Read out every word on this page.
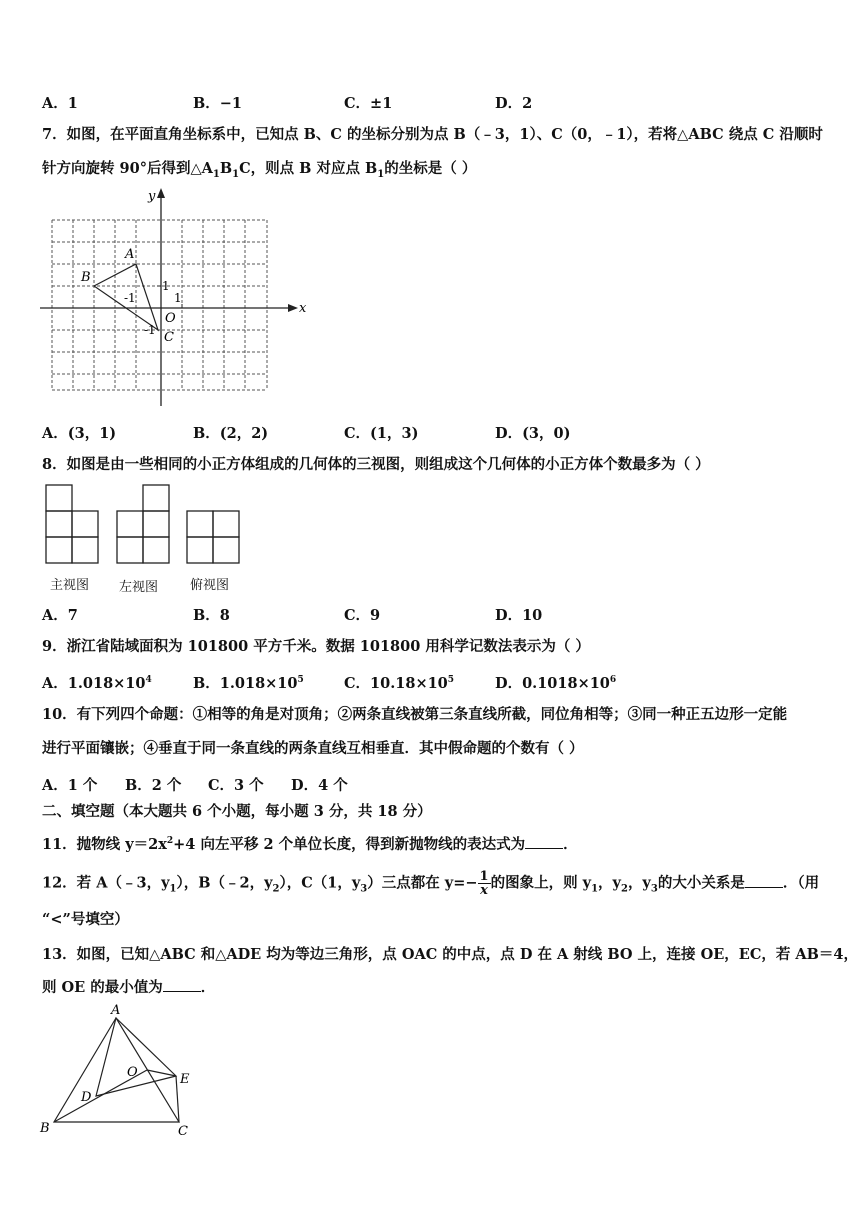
A．1	B．−1	C．±1	D．2
7．如图，在平面直角坐标系中，已知点 B、C 的坐标分别为点 B（﹣3，1）、C（0，﹣1），若将△ABC 绕点 C 沿顺时
针方向旋转 90°后得到$\triangle A_1B_1C$，则点 B 对应点 $B_1$的坐标是（ ）
y
x
A
B
O
C
1
-1	1
-1
A．(3，1)	B．(2，2)	C．(1，3)	D．(3，0)
8．如图是由一些相同的小正方体组成的几何体的三视图，则组成这个几何体的小正方体个数最多为（ ）
主视图 左视图 俯视图
A．7	B．8	C．9	D．10
9．浙江省陆域面积为 101800 平方千米。数据 101800 用科学记数法表示为（ ）
A．$1.018\times 10^4$	B．$1.018\times 10^5$	C．$10.18\times 10^5$	D．$0.1018\times 10^6$
10．有下列四个命题：①相等的角是对顶角；②两条直线被第三条直线所截，同位角相等；③同一种正五边形一定能
进行平面镶嵌；④垂直于同一条直线的两条直线互相垂直．其中假命题的个数有（ ）
A．1 个 B．2 个 C．3 个 D．4 个
二、填空题（本大题共 6 个小题，每小题 3 分，共 18 分）
11．抛物线 $y=2x^2+4$ 向左平移 2 个单位长度，得到新抛物线的表达式为	．
12．若 A（﹣3，$y_1$），B（﹣2，$y_2$），C（1，$y_3$）三点都在 $y=- \frac{1}{x}$ 的图象上，则 $y_1$，$y_2$，$y_3$的大小关系是	．（用
“<”号填空）
13．如图，已知△ABC 和△ADE 均为等边三角形，点 OAC 的中点，点 D 在 A 射线 BO 上，连接 OE，EC，若 AB＝4，
则 OE 的最小值为	．
A
B	C
D
E
O
